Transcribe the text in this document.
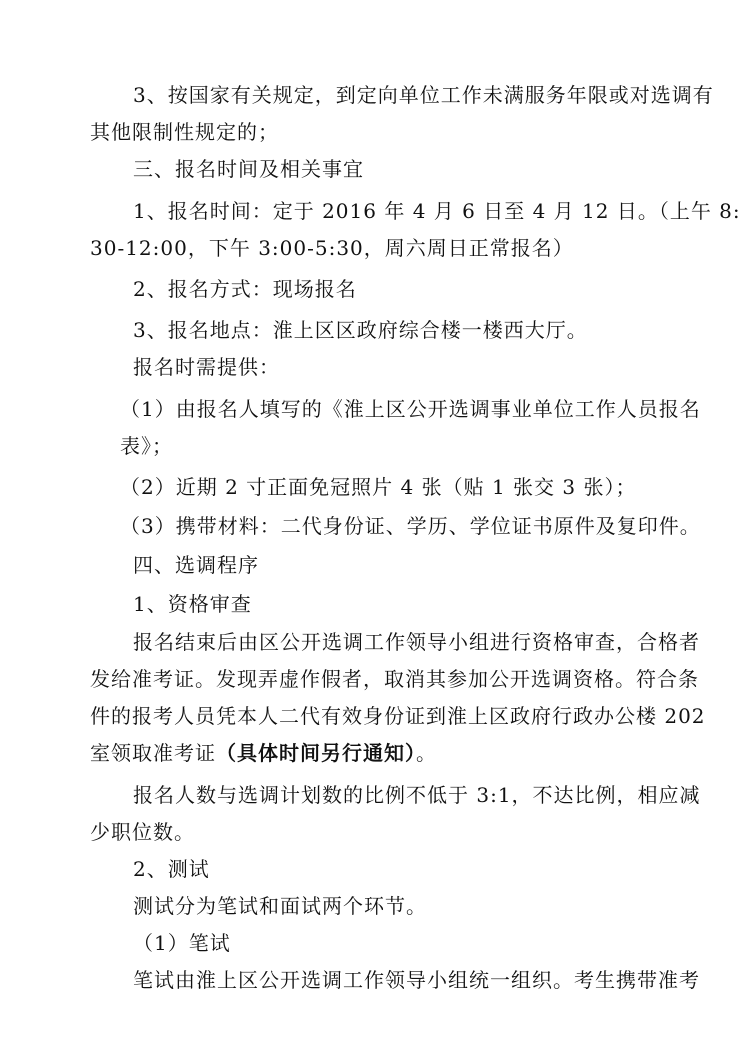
3、按国家有关规定，到定向单位工作未满服务年限或对选调有
其他限制性规定的；
三、报名时间及相关事宜
1、报名时间：定于 2016 年 4 月 6 日至 4 月 12 日。（上午 8:
30-12:00，下午 3:00-5:30，周六周日正常报名）
2、报名方式：现场报名
3、报名地点：淮上区区政府综合楼一楼西大厅。
报名时需提供：
（1）由报名人填写的《淮上区公开选调事业单位工作人员报名
表》；
（2）近期 2 寸正面免冠照片 4 张（贴 1 张交 3 张）；
（3）携带材料：二代身份证、学历、学位证书原件及复印件。
四、选调程序
1、资格审查
报名结束后由区公开选调工作领导小组进行资格审查，合格者
发给准考证。发现弄虚作假者，取消其参加公开选调资格。符合条
件的报考人员凭本人二代有效身份证到淮上区政府行政办公楼 202
室领取准考证（具体时间另行通知）。
报名人数与选调计划数的比例不低于 3:1，不达比例，相应减
少职位数。
2、测试
测试分为笔试和面试两个环节。
（1）笔试
笔试由淮上区公开选调工作领导小组统一组织。考生携带准考
